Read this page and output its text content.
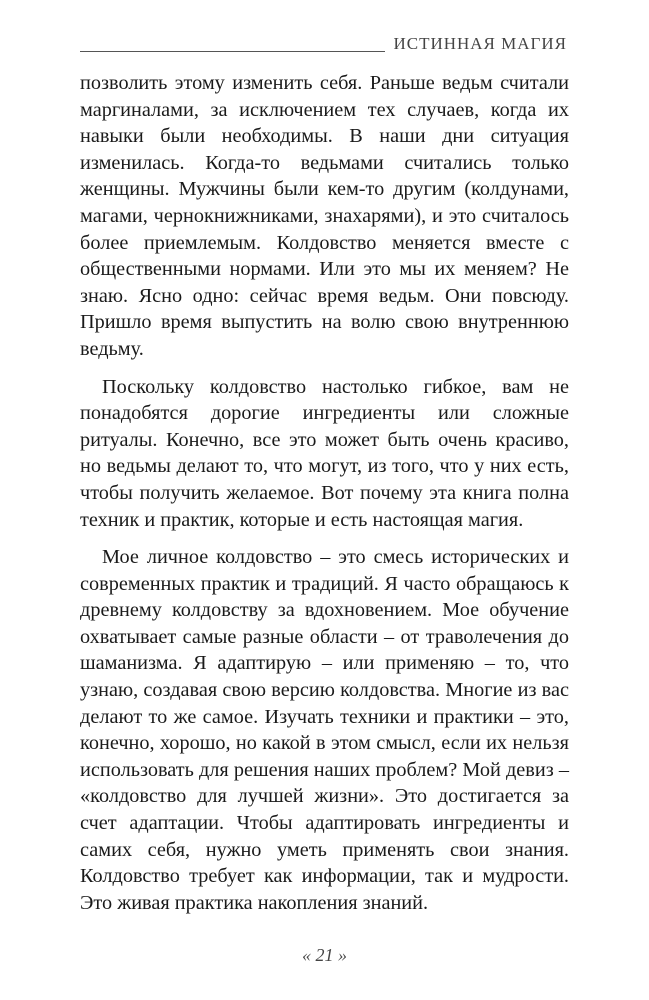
ИСТИННАЯ МАГИЯ

позволить этому изменить себя. Раньше ведьм считали маргиналами, за исключением тех случаев, когда их навыки были необходимы. В наши дни ситуация изменилась. Когда-то ведьмами считались только женщины. Мужчины были кем-то другим (колдунами, магами, чернокнижниками, знахарями), и это считалось более приемлемым. Колдовство меняется вместе с общественными нормами. Или это мы их меняем? Не знаю. Ясно одно: сейчас время ведьм. Они повсюду. Пришло время выпустить на волю свою внутреннюю ведьму.

Поскольку колдовство настолько гибкое, вам не понадобятся дорогие ингредиенты или сложные ритуалы. Конечно, все это может быть очень красиво, но ведьмы делают то, что могут, из того, что у них есть, чтобы получить желаемое. Вот почему эта книга полна техник и практик, которые и есть настоящая магия.

Мое личное колдовство – это смесь исторических и современных практик и традиций. Я часто обращаюсь к древнему колдовству за вдохновением. Мое обучение охватывает самые разные области – от траволечения до шаманизма. Я адаптирую – или применяю – то, что узнаю, создавая свою версию колдовства. Многие из вас делают то же самое. Изучать техники и практики – это, конечно, хорошо, но какой в этом смысл, если их нельзя использовать для решения наших проблем? Мой девиз – «колдовство для лучшей жизни». Это достигается за счет адаптации. Чтобы адаптировать ингредиенты и самих себя, нужно уметь применять свои знания. Колдовство требует как информации, так и мудрости. Это живая практика накопления знаний.

« 21 »
